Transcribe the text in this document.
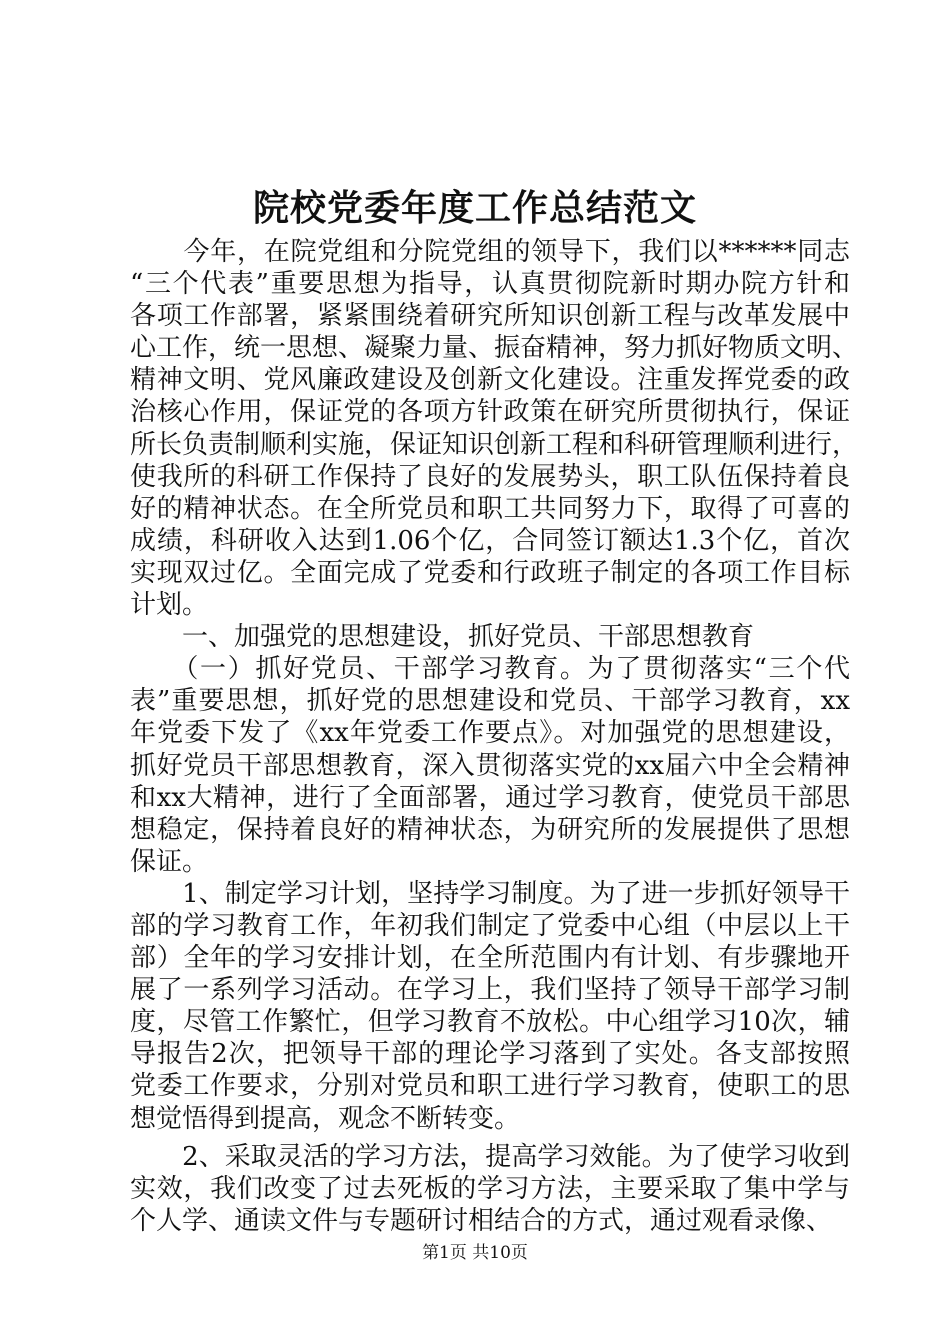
院校党委年度工作总结范文
　　今年，在院党组和分院党组的领导下，我们以******同志
“三个代表”重要思想为指导，认真贯彻院新时期办院方针和
各项工作部署，紧紧围绕着研究所知识创新工程与改革发展中
心工作，统一思想、凝聚力量、振奋精神，努力抓好物质文明、
精神文明、党风廉政建设及创新文化建设。注重发挥党委的政
治核心作用，保证党的各项方针政策在研究所贯彻执行，保证
所长负责制顺利实施，保证知识创新工程和科研管理顺利进行，
使我所的科研工作保持了良好的发展势头，职工队伍保持着良
好的精神状态。在全所党员和职工共同努力下，取得了可喜的
成绩，科研收入达到1.06个亿，合同签订额达1.3个亿，首次
实现双过亿。全面完成了党委和行政班子制定的各项工作目标
计划。
　　一、加强党的思想建设，抓好党员、干部思想教育
　　（一）抓好党员、干部学习教育。为了贯彻落实“三个代
表”重要思想，抓好党的思想建设和党员、干部学习教育，xx
年党委下发了《xx年党委工作要点》。对加强党的思想建设，
抓好党员干部思想教育，深入贯彻落实党的xx届六中全会精神
和xx大精神，进行了全面部署，通过学习教育，使党员干部思
想稳定，保持着良好的精神状态，为研究所的发展提供了思想
保证。
　　1、制定学习计划，坚持学习制度。为了进一步抓好领导干
部的学习教育工作，年初我们制定了党委中心组（中层以上干
部）全年的学习安排计划，在全所范围内有计划、有步骤地开
展了一系列学习活动。在学习上，我们坚持了领导干部学习制
度，尽管工作繁忙，但学习教育不放松。中心组学习10次，辅
导报告2次，把领导干部的理论学习落到了实处。各支部按照
党委工作要求，分别对党员和职工进行学习教育，使职工的思
想觉悟得到提高，观念不断转变。
　　2、采取灵活的学习方法，提高学习效能。为了使学习收到
实效，我们改变了过去死板的学习方法，主要采取了集中学与
个人学、通读文件与专题研讨相结合的方式，通过观看录像、
第1页 共10页
